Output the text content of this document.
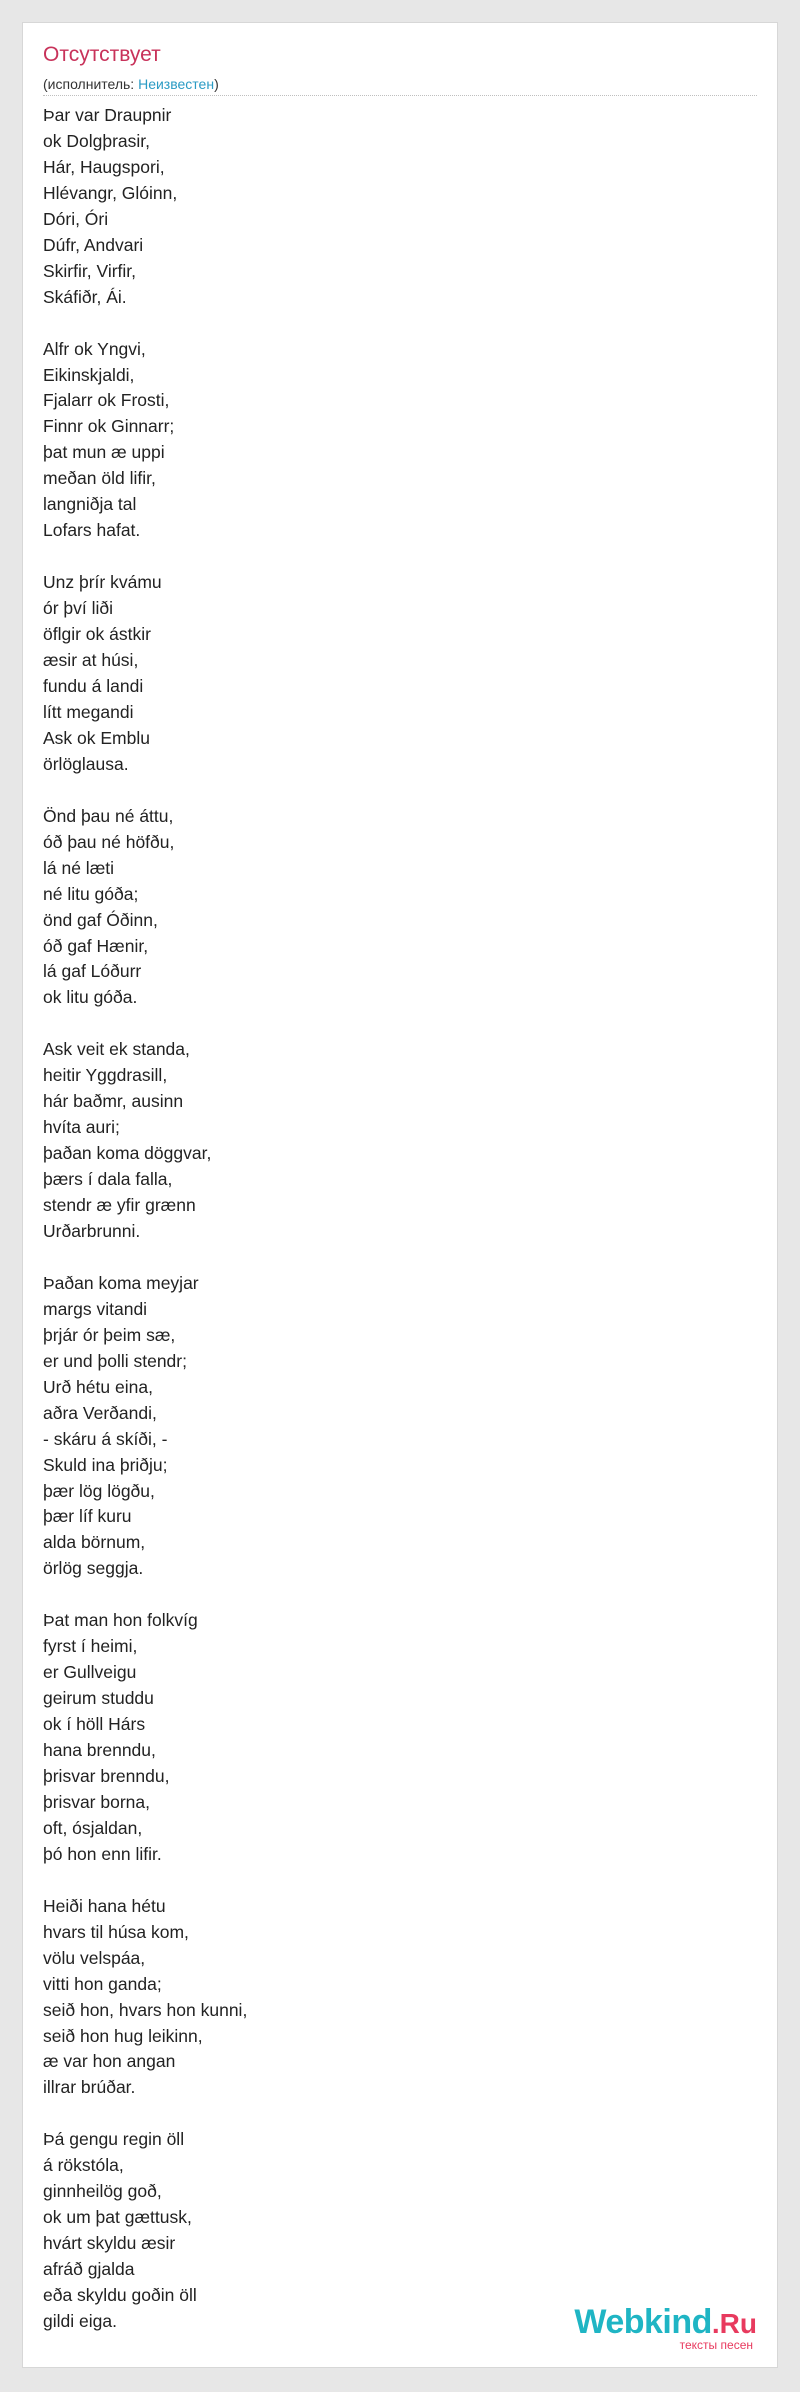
Отсутствует
(исполнитель: Неизвестен)
Þar var Draupnir
ok Dolgþrasir,
Hár, Haugspori,
Hlévangr, Glóinn,
Dóri, Óri
Dúfr, Andvari
Skirfir, Virfir,
Skáfiðr, Ái.

Alfr ok Yngvi,
Eikinskjaldi,
Fjalarr ok Frosti,
Finnr ok Ginnarr;
þat mun æ uppi
meðan öld lifir,
langniðja tal
Lofars hafat.

Unz þrír kvámu
ór því liði
öflgir ok ástkir
æsir at húsi,
fundu á landi
lítt megandi
Ask ok Emblu
örlöglausa.

Önd þau né áttu,
óð þau né höfðu,
lá né læti
né litu góða;
önd gaf Óðinn,
óð gaf Hænir,
lá gaf Lóðurr
ok litu góða.

Ask veit ek standa,
heitir Yggdrasill,
hár baðmr, ausinn
hvíta auri;
þaðan koma döggvar,
þærs í dala falla,
stendr æ yfir grænn
Urðarbrunni.

Þaðan koma meyjar
margs vitandi
þrjár ór þeim sæ,
er und þolli stendr;
Urð hétu eina,
aðra Verðandi,
- skáru á skíði, -
Skuld ina þriðju;
þær lög lögðu,
þær líf kuru
alda börnum,
örlög seggja.

Þat man hon folkvíg
fyrst í heimi,
er Gullveigu
geirum studdu
ok í höll Hárs
hana brenndu,
þrisvar brenndu,
þrisvar borna,
oft, ósjaldan,
þó hon enn lifir.

Heiði hana hétu
hvars til húsa kom,
völu velspáa,
vitti hon ganda;
seið hon, hvars hon kunni,
seið hon hug leikinn,
æ var hon angan
illrar brúðar.

Þá gengu regin öll
á rökstóla,
ginnheilög goð,
ok um þat gættusk,
hvárt skyldu æsir
afráð gjalda
eða skyldu goðin öll
gildi eiga.	Webkind.Ru
тексты песен
